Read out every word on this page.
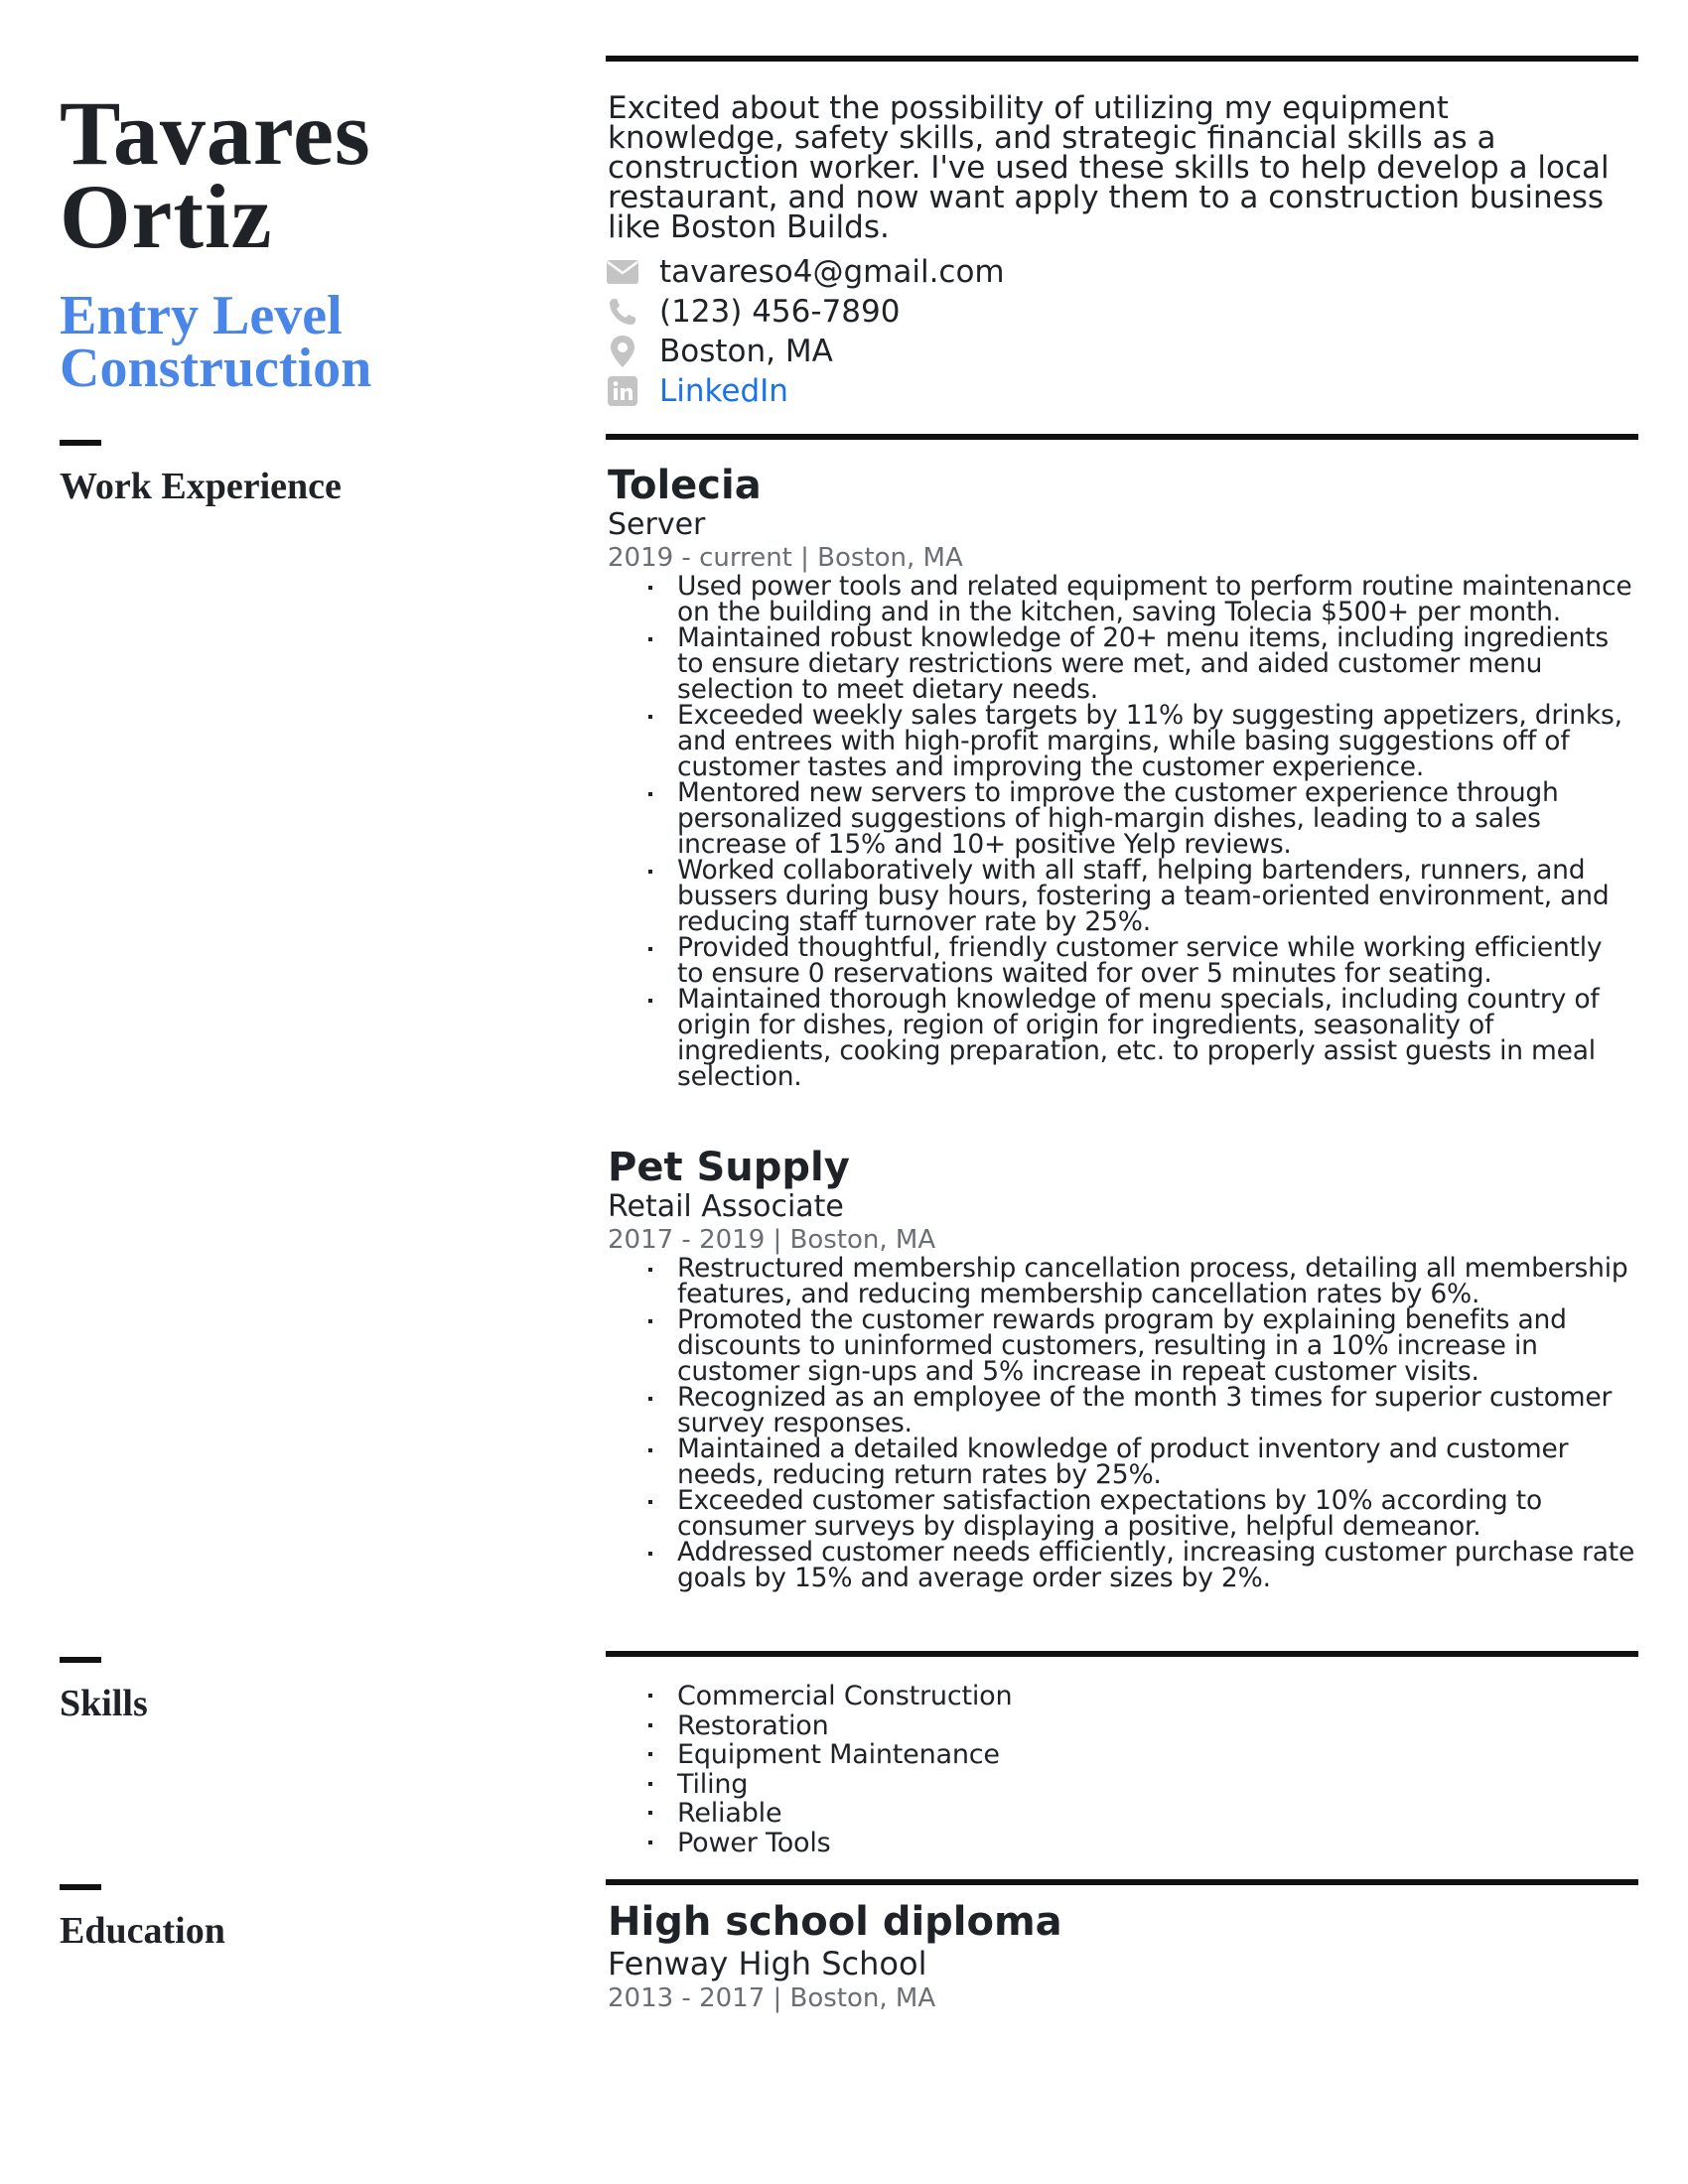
Tavares
Ortiz
Entry Level
Construction
Work Experience
Skills
Education
Excited about the possibility of utilizing my equipment knowledge, safety skills, and strategic financial skills as a construction worker. I've used these skills to help develop a local restaurant, and now want apply them to a construction business like Boston Builds.
tavareso4@gmail.com
(123) 456-7890
Boston, MA
LinkedIn
Tolecia
Server
2019 - current | Boston, MA
Used power tools and related equipment to perform routine maintenance on the building and in the kitchen, saving Tolecia $500+ per month.
Maintained robust knowledge of 20+ menu items, including ingredients to ensure dietary restrictions were met, and aided customer menu selection to meet dietary needs.
Exceeded weekly sales targets by 11% by suggesting appetizers, drinks, and entrees with high-profit margins, while basing suggestions off of customer tastes and improving the customer experience.
Mentored new servers to improve the customer experience through personalized suggestions of high-margin dishes, leading to a sales increase of 15% and 10+ positive Yelp reviews.
Worked collaboratively with all staff, helping bartenders, runners, and bussers during busy hours, fostering a team-oriented environment, and reducing staff turnover rate by 25%.
Provided thoughtful, friendly customer service while working efficiently to ensure 0 reservations waited for over 5 minutes for seating.
Maintained thorough knowledge of menu specials, including country of origin for dishes, region of origin for ingredients, seasonality of ingredients, cooking preparation, etc. to properly assist guests in meal selection.
Pet Supply
Retail Associate
2017 - 2019 | Boston, MA
Restructured membership cancellation process, detailing all membership features, and reducing membership cancellation rates by 6%.
Promoted the customer rewards program by explaining benefits and discounts to uninformed customers, resulting in a 10% increase in customer sign-ups and 5% increase in repeat customer visits.
Recognized as an employee of the month 3 times for superior customer survey responses.
Maintained a detailed knowledge of product inventory and customer needs, reducing return rates by 25%.
Exceeded customer satisfaction expectations by 10% according to consumer surveys by displaying a positive, helpful demeanor.
Addressed customer needs efficiently, increasing customer purchase rate goals by 15% and average order sizes by 2%.
Commercial Construction
Restoration
Equipment Maintenance
Tiling
Reliable
Power Tools
High school diploma
Fenway High School
2013 - 2017 | Boston, MA
